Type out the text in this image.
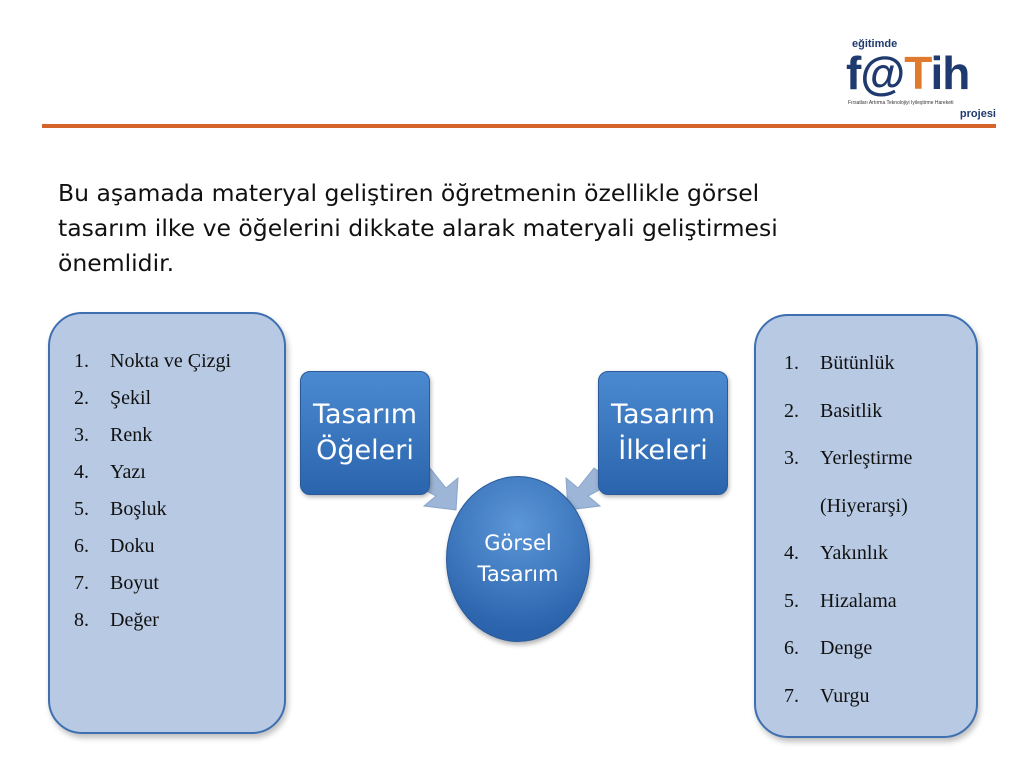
eğitimde
f@Tih
Fırsatları Artırma Teknolojiyi İyileştirme Hareketi
projesi
Bu aşamada materyal geliştiren öğretmenin özellikle görsel
tasarım ilke ve öğelerini dikkate alarak materyali geliştirmesi
önemlidir.
1.	Nokta ve Çizgi
2.	Şekil
3.	Renk
4.	Yazı
5.	Boşluk
6.	Doku
7.	Boyut
8.	Değer
1.	Bütünlük
2.	Basitlik
3.	Yerleştirme
(Hiyerarşi)
4.	Yakınlık
5.	Hizalama
6.	Denge
7.	Vurgu
Tasarım
Öğeleri
Tasarım
İlkeleri
Görsel
Tasarım
